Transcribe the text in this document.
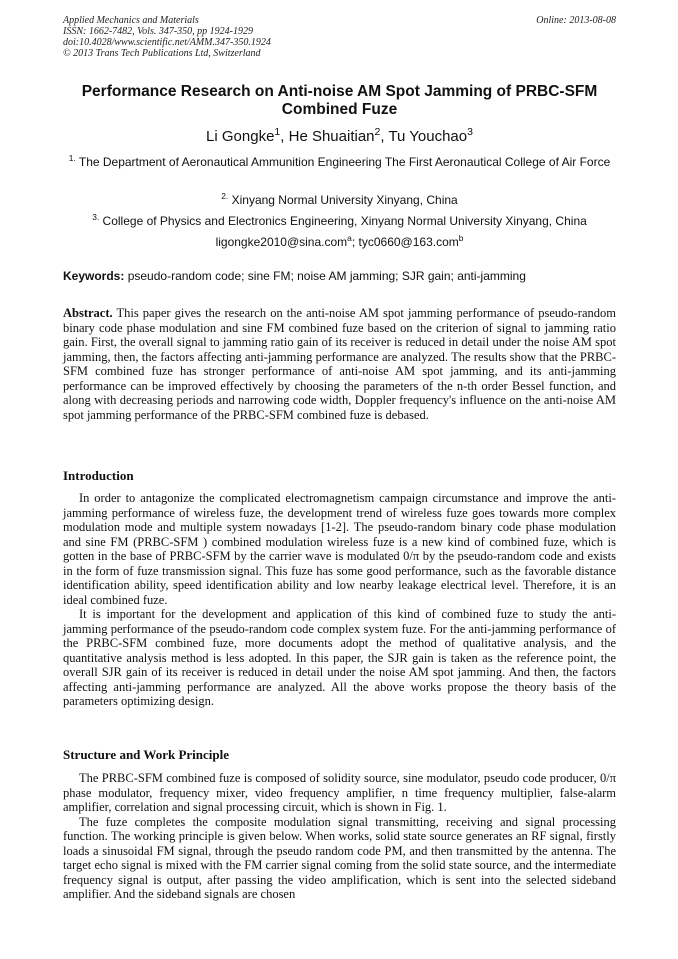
Applied Mechanics and Materials
ISSN: 1662-7482, Vols. 347-350, pp 1924-1929
doi:10.4028/www.scientific.net/AMM.347-350.1924
© 2013 Trans Tech Publications Ltd, Switzerland
Online: 2013-08-08
Performance Research on Anti-noise AM Spot Jamming of PRBC-SFM Combined Fuze
Li Gongke$^1$, He Shuaitian$^2$, Tu Youchao$^3$
$^{1.}$ The Department of Aeronautical Ammunition Engineering The First Aeronautical College of Air Force
$^{2.}$ Xinyang Normal University Xinyang, China
$^{3.}$ College of Physics and Electronics Engineering, Xinyang Normal University Xinyang, China
ligongke2010@sina.com$^a$; tyc0660@163.com$^b$
Keywords: pseudo-random code; sine FM; noise AM jamming; SJR gain; anti-jamming

Abstract. This paper gives the research on the anti-noise AM spot jamming performance of pseudo-random binary code phase modulation and sine FM combined fuze based on the criterion of signal to jamming ratio gain. First, the overall signal to jamming ratio gain of its receiver is reduced in detail under the noise AM spot jamming, then, the factors affecting anti-jamming performance are analyzed. The results show that the PRBC-SFM combined fuze has stronger performance of anti-noise AM spot jamming, and its anti-jamming performance can be improved effectively by choosing the parameters of the n-th order Bessel function, and along with decreasing periods and narrowing code width, Doppler frequency's influence on the anti-noise AM spot jamming performance of the PRBC-SFM combined fuze is debased.

Introduction

In order to antagonize the complicated electromagnetism campaign circumstance and improve the anti-jamming performance of wireless fuze, the development trend of wireless fuze goes towards more complex modulation mode and multiple system nowadays [1-2]. The pseudo-random binary code phase modulation and sine FM (PRBC-SFM ) combined modulation wireless fuze is a new kind of combined fuze, which is gotten in the base of PRBC-SFM by the carrier wave is modulated 0/π by the pseudo-random code and exists in the form of fuze transmission signal. This fuze has some good performance, such as the favorable distance identification ability, speed identification ability and low nearby leakage electrical level. Therefore, it is an ideal combined fuze.

It is important for the development and application of this kind of combined fuze to study the anti-jamming performance of the pseudo-random code complex system fuze. For the anti-jamming performance of the PRBC-SFM combined fuze, more documents adopt the method of qualitative analysis, and the quantitative analysis method is less adopted. In this paper, the SJR gain is taken as the reference point, the overall SJR gain of its receiver is reduced in detail under the noise AM spot jamming. And then, the factors affecting anti-jamming performance are analyzed. All the above works propose the theory basis of the parameters optimizing design.

Structure and Work Principle

The PRBC-SFM combined fuze is composed of solidity source, sine modulator, pseudo code producer, 0/π phase modulator, frequency mixer, video frequency amplifier, n time frequency multiplier, false-alarm amplifier, correlation and signal processing circuit, which is shown in Fig. 1.

The fuze completes the composite modulation signal transmitting, receiving and signal processing function. The working principle is given below. When works, solid state source generates an RF signal, firstly loads a sinusoidal FM signal, through the pseudo random code PM, and then transmitted by the antenna. The target echo signal is mixed with the FM carrier signal coming from the solid state source, and the intermediate frequency signal is output, after passing the video amplification, which is sent into the selected sideband amplifier. And the sideband signals are chosen
